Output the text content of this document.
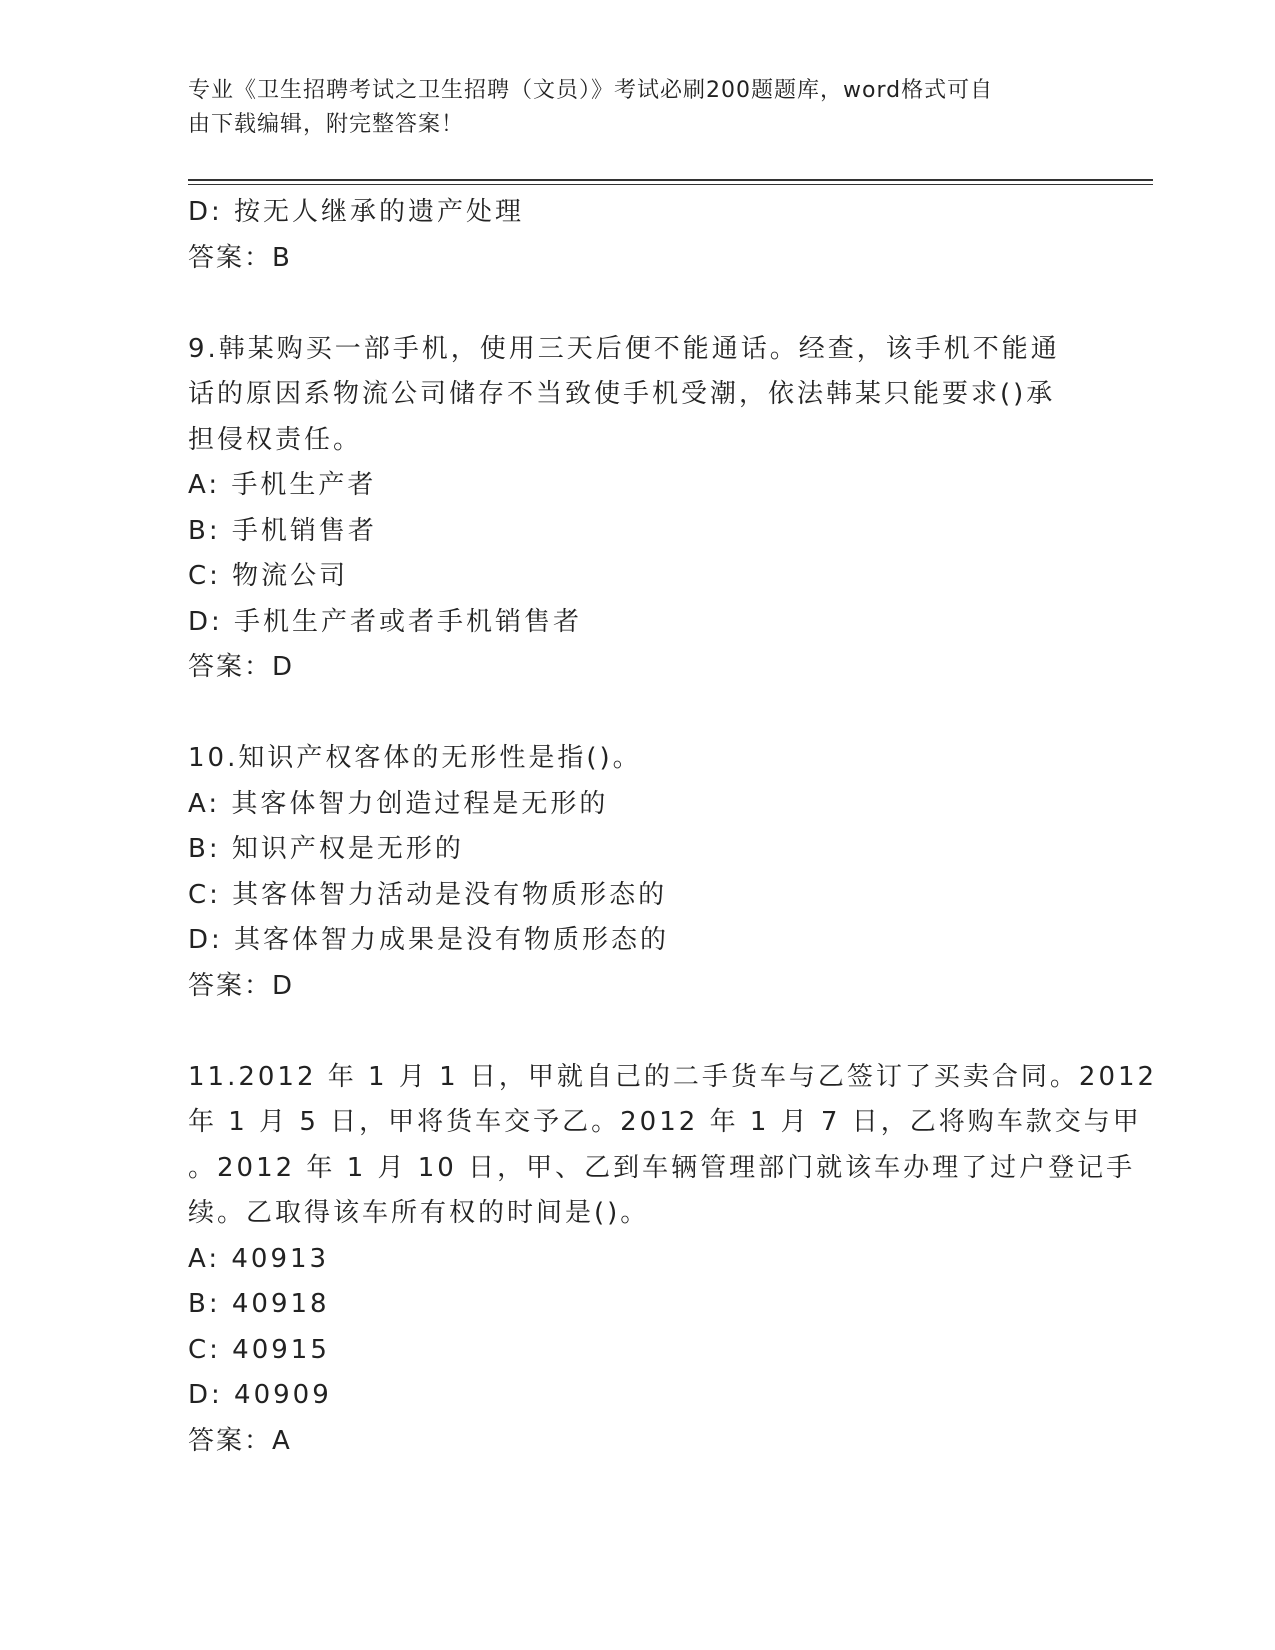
专业《卫生招聘考试之卫生招聘（文员）》考试必刷200题题库，word格式可自
由下载编辑，附完整答案！
D: 按无人继承的遗产处理
答案：B
9.韩某购买一部手机，使用三天后便不能通话。经查，该手机不能通
话的原因系物流公司储存不当致使手机受潮，依法韩某只能要求()承
担侵权责任。
A: 手机生产者
B: 手机销售者
C: 物流公司
D: 手机生产者或者手机销售者
答案：D
10.知识产权客体的无形性是指()。
A: 其客体智力创造过程是无形的
B: 知识产权是无形的
C: 其客体智力活动是没有物质形态的
D: 其客体智力成果是没有物质形态的
答案：D
11.2012 年 1 月 1 日，甲就自己的二手货车与乙签订了买卖合同。2012
年 1 月 5 日，甲将货车交予乙。2012 年 1 月 7 日，乙将购车款交与甲
。2012 年 1 月 10 日，甲、乙到车辆管理部门就该车办理了过户登记手
续。乙取得该车所有权的时间是()。
A: 40913
B: 40918
C: 40915
D: 40909
答案：A
